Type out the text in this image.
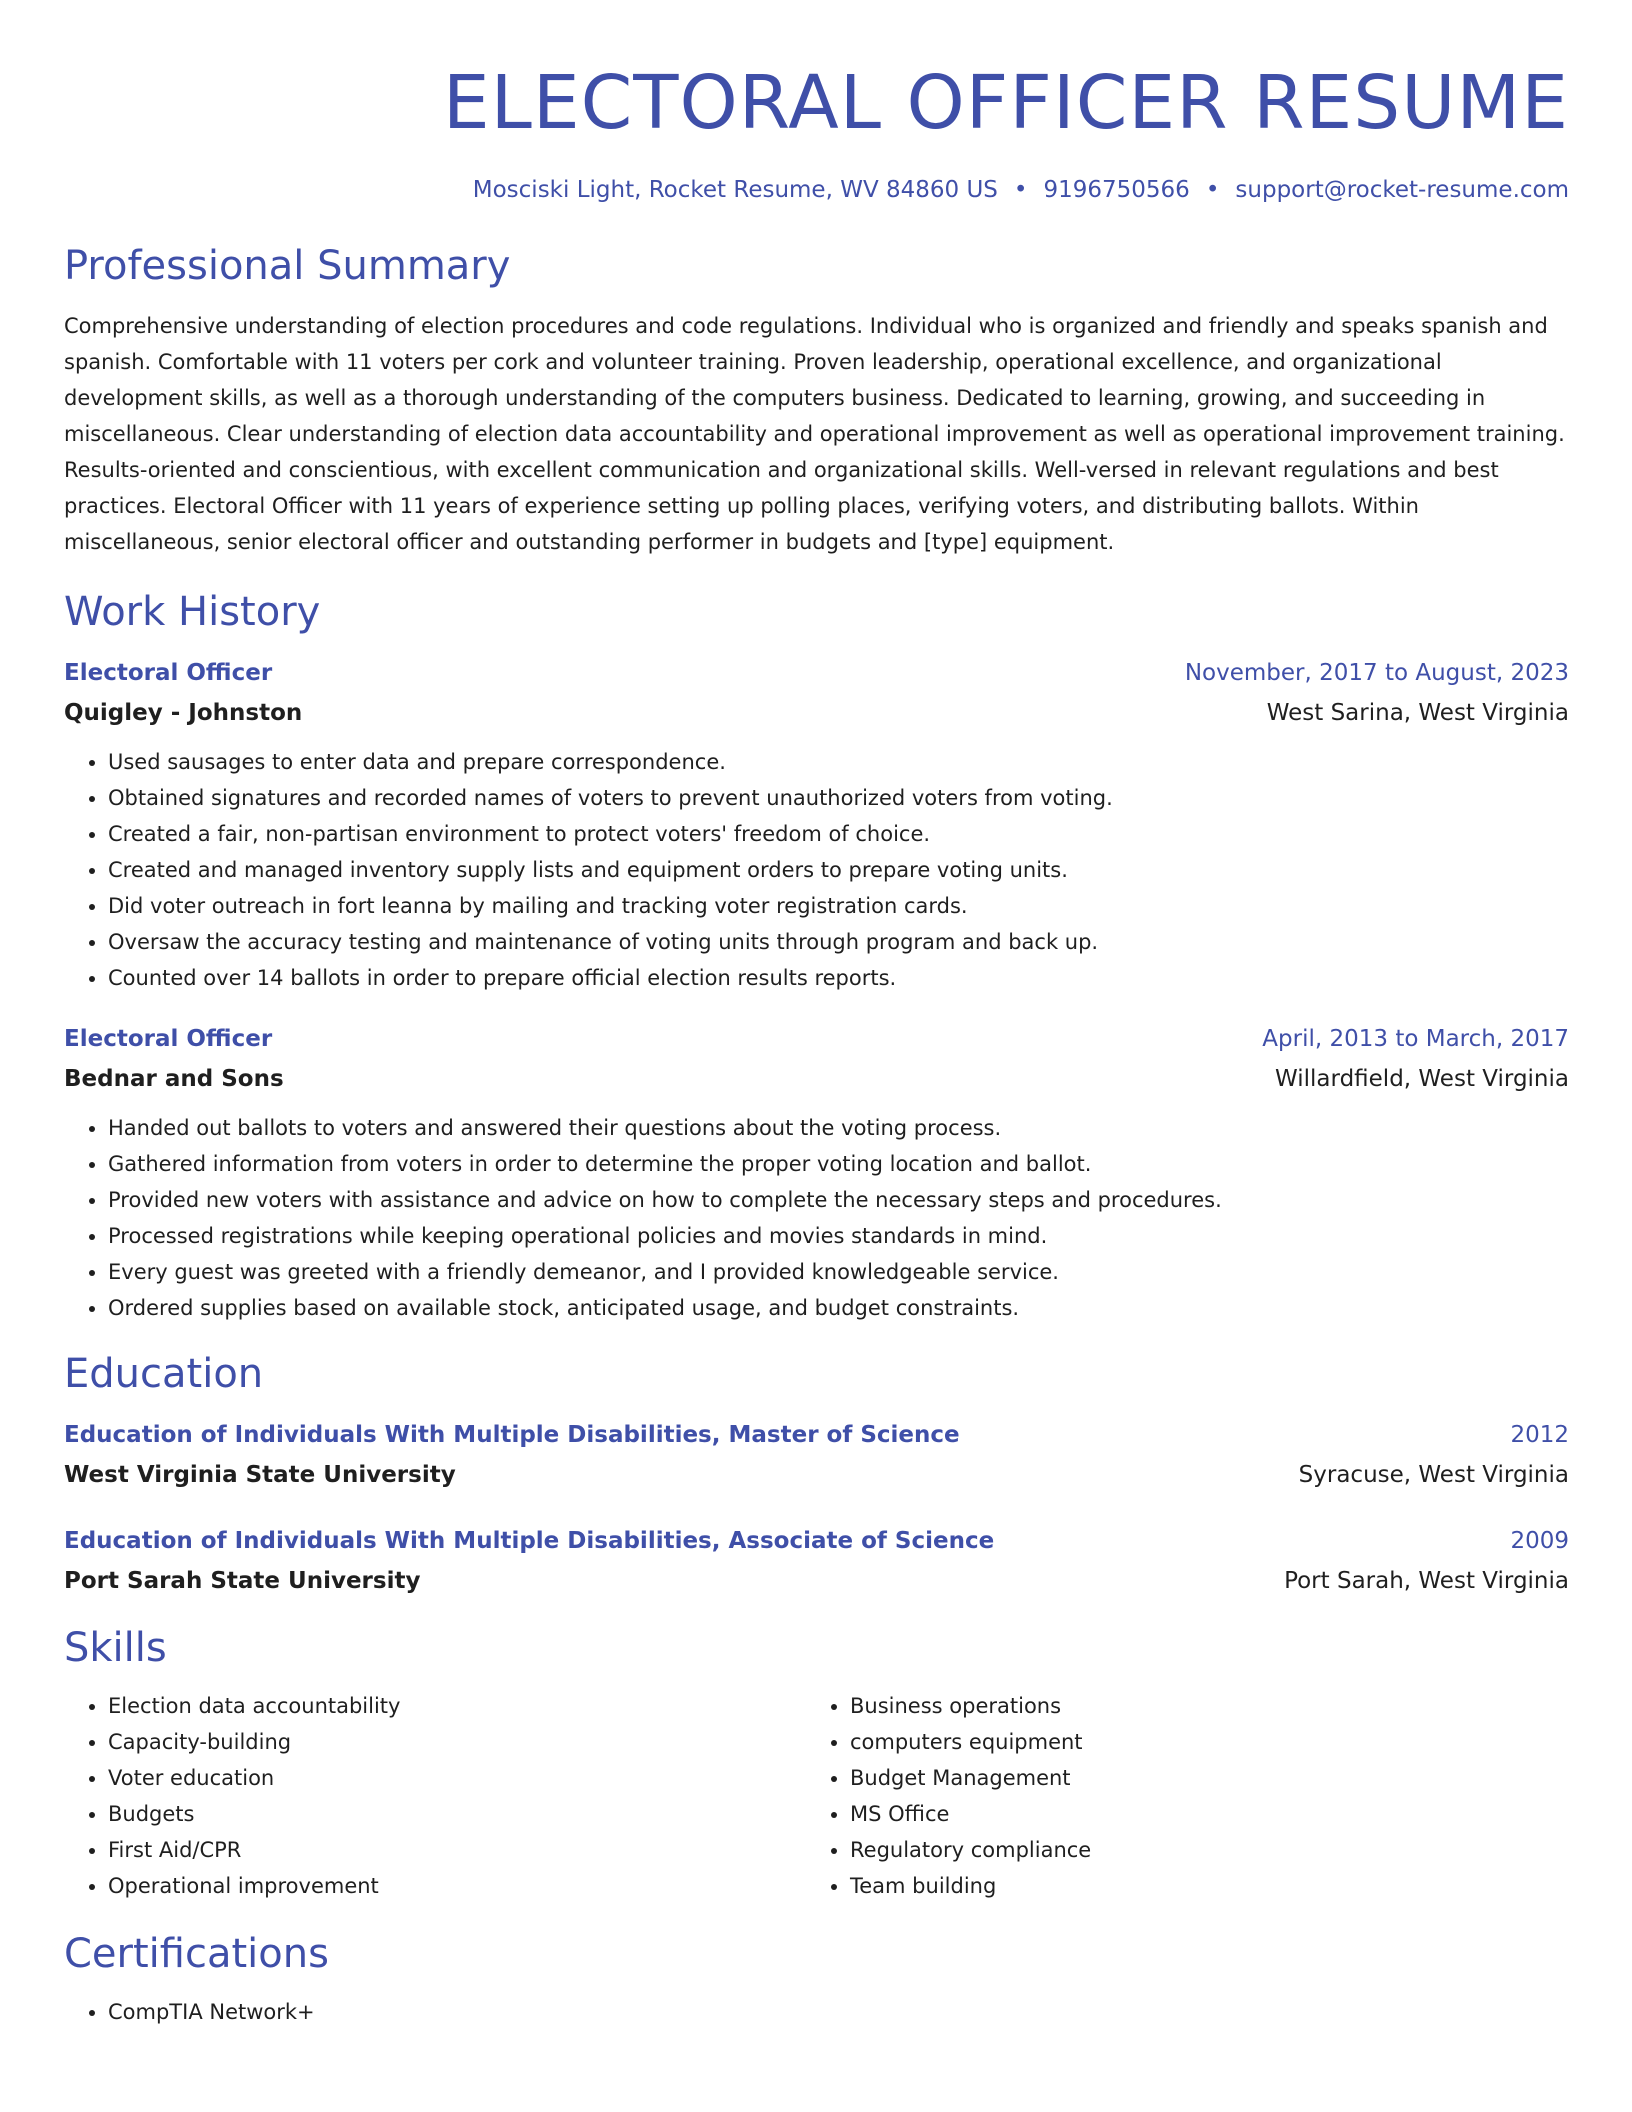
ELECTORAL OFFICER RESUME
Mosciski Light, Rocket Resume, WV 84860 US • 9196750566 • support@rocket-resume.com
Professional Summary

Comprehensive understanding of election procedures and code regulations. Individual who is organized and friendly and speaks spanish and spanish. Comfortable with 11 voters per cork and volunteer training. Proven leadership, operational excellence, and organizational development skills, as well as a thorough understanding of the computers business. Dedicated to learning, growing, and succeeding in miscellaneous. Clear understanding of election data accountability and operational improvement as well as operational improvement training. Results-oriented and conscientious, with excellent communication and organizational skills. Well-versed in relevant regulations and best practices. Electoral Officer with 11 years of experience setting up polling places, verifying voters, and distributing ballots. Within miscellaneous, senior electoral officer and outstanding performer in budgets and [type] equipment.

Work History
Electoral Officer	November, 2017 to August, 2023
Quigley - Johnston	West Sarina, West Virginia
• Used sausages to enter data and prepare correspondence.
• Obtained signatures and recorded names of voters to prevent unauthorized voters from voting.
• Created a fair, non-partisan environment to protect voters' freedom of choice.
• Created and managed inventory supply lists and equipment orders to prepare voting units.
• Did voter outreach in fort leanna by mailing and tracking voter registration cards.
• Oversaw the accuracy testing and maintenance of voting units through program and back up.
• Counted over 14 ballots in order to prepare official election results reports.
Electoral Officer	April, 2013 to March, 2017
Bednar and Sons	Willardfield, West Virginia
• Handed out ballots to voters and answered their questions about the voting process.
• Gathered information from voters in order to determine the proper voting location and ballot.
• Provided new voters with assistance and advice on how to complete the necessary steps and procedures.
• Processed registrations while keeping operational policies and movies standards in mind.
• Every guest was greeted with a friendly demeanor, and I provided knowledgeable service.
• Ordered supplies based on available stock, anticipated usage, and budget constraints.
Education
Education of Individuals With Multiple Disabilities, Master of Science	2012
West Virginia State University	Syracuse, West Virginia
Education of Individuals With Multiple Disabilities, Associate of Science	2009
Port Sarah State University	Port Sarah, West Virginia
Skills
• Election data accountability
• Capacity-building
• Voter education
• Budgets
• First Aid/CPR
• Operational improvement
• Business operations
• computers equipment
• Budget Management
• MS Office
• Regulatory compliance
• Team building
Certifications
• CompTIA Network+
